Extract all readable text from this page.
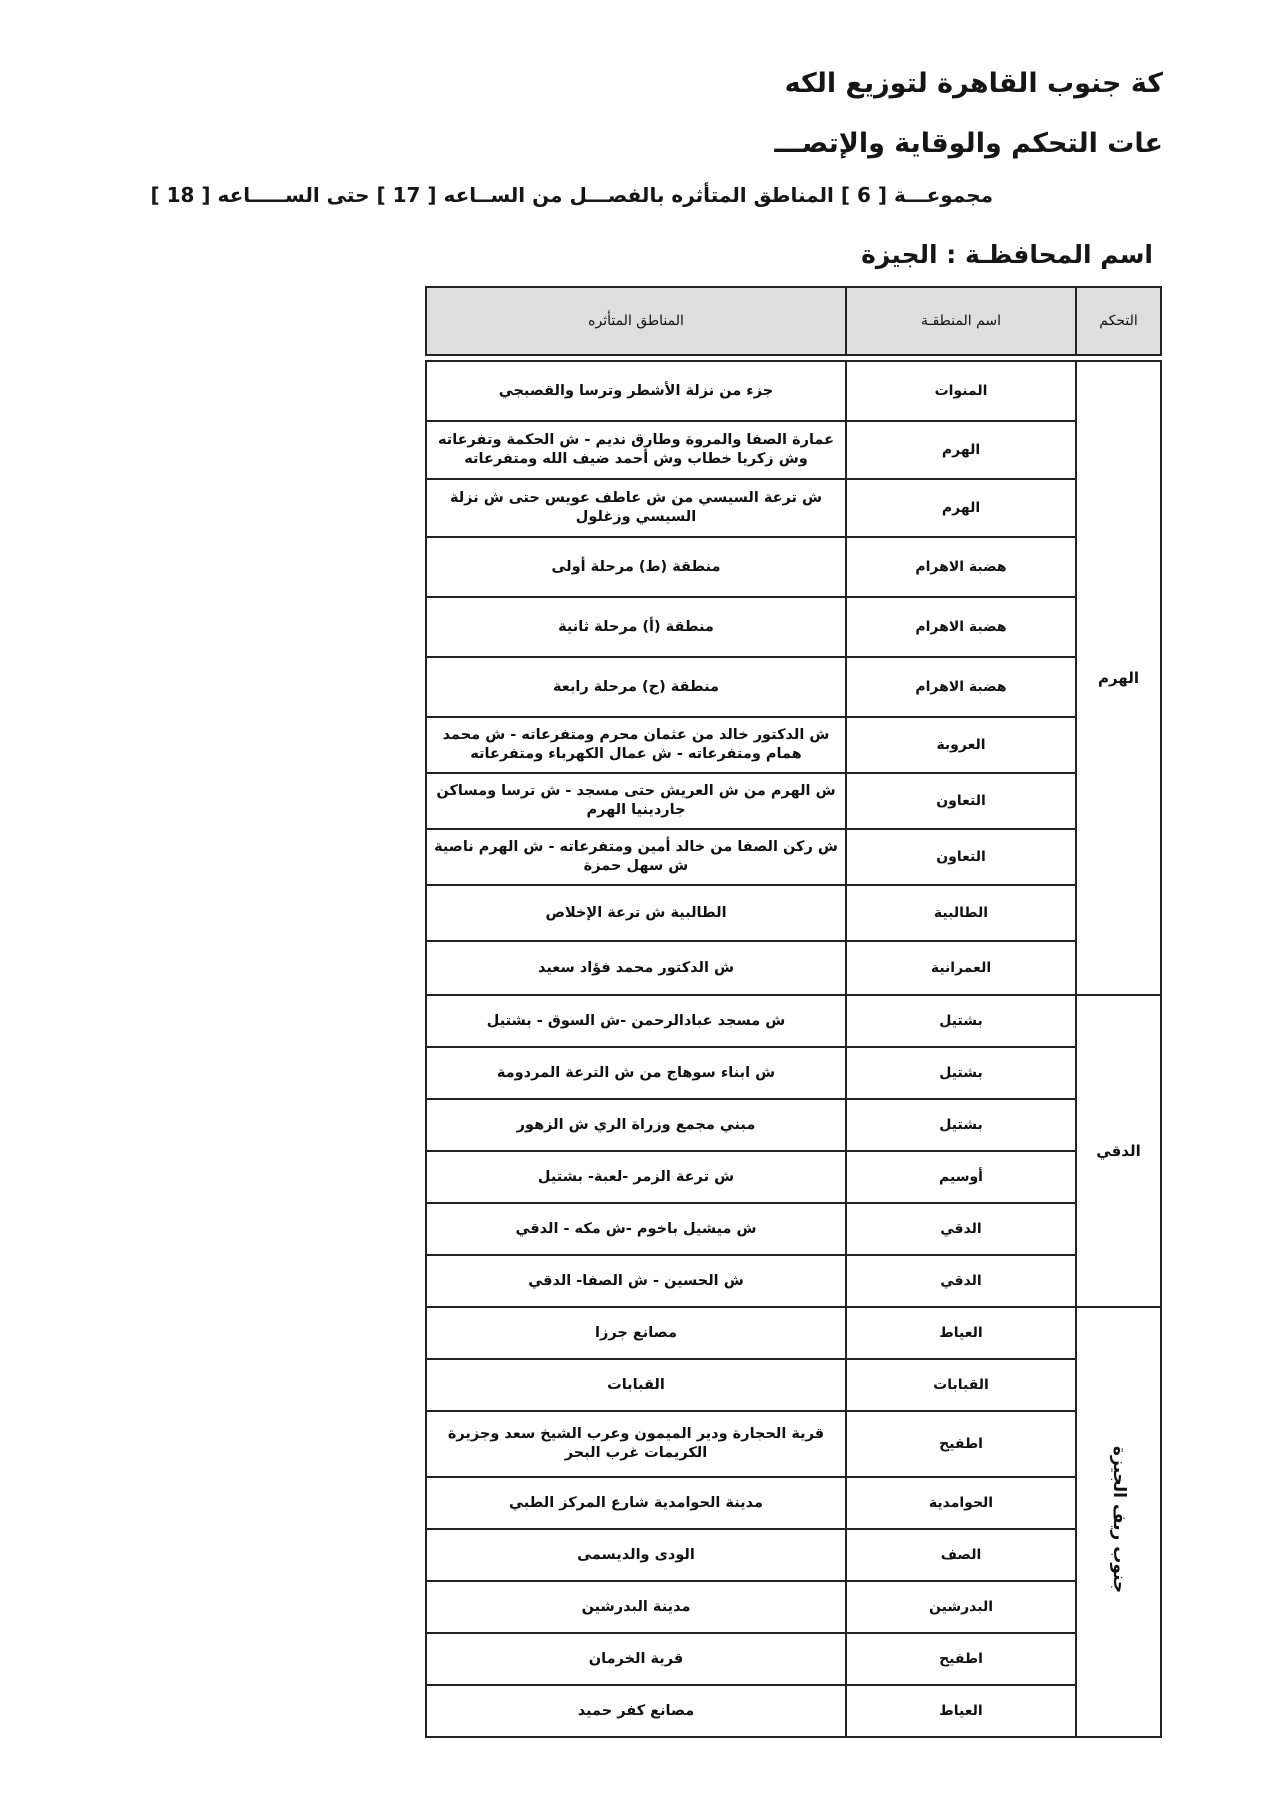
كة جنوب القاهرة لتوزيع الكه
عات التحكم والوقاية والإتصـــ
مجموعـــة [ 6 ] المناطق المتأثره بالفصـــل من الســاعه [ 17 ] حتى الســـــاعه [ 18 ]
اسم المحافظـة : الجيزة
التحكم	اسم المنطقـة	المناطق المتأثره

الهرم	المنوات	جزء من نزلة الأشطر وترسا والقصبجي
	الهرم	عمارة الصفا والمروة وطارق نديم - ش الحكمة وتفرعاته وش زكريا خطاب وش أحمد ضيف الله ومتفرعاته
	الهرم	ش ترعة السيسي من ش عاطف عويس حتى ش نزلة السيسي وزغلول
	هضبة الاهرام	منطقة (ط) مرحلة أولى
	هضبة الاهرام	منطقة (أ) مرحلة ثانية
	هضبة الاهرام	منطقة (ح) مرحلة رابعة
	العروبة	ش الدكتور خالد من عثمان محرم ومتفرعاته - ش محمد همام ومتفرعاته - ش عمال الكهرباء ومتفرعاته
	التعاون	ش الهرم من ش العريش حتى مسجد - ش ترسا ومساكن جاردينيا الهرم
	التعاون	ش ركن الصفا من خالد أمين ومتفرعاته - ش الهرم ناصية ش سهل حمزة
	الطالبية	الطالبية ش ترعة الإخلاص
	العمرانية	ش الدكتور محمد فؤاد سعيد
الدقي	بشتيل	ش مسجد عبادالرحمن -ش السوق - بشتيل
	بشتيل	ش ابناء سوهاج من ش الترعة المردومة
	بشتيل	مبني مجمع وزراة الري ش الزهور
	أوسيم	ش ترعة الزمر -لعبة- بشتيل
	الدقي	ش ميشيل باخوم -ش مكه - الدقي
	الدقي	ش الحسين - ش الصفا- الدقي
جنوب ريف الجيزة	العياط	مصانع جرزا
	القبابات	القبابات
	اطفيح	قرية الحجارة ودير الميمون وعرب الشيخ سعد وجزيرة الكريمات غرب البحر
	الحوامدية	مدينة الحوامدية شارع المركز الطبي
	الصف	الودى والديسمى
	البدرشين	مدينة البدرشين
	اطفيح	قرية الخرمان
	العياط	مصانع كفر حميد
